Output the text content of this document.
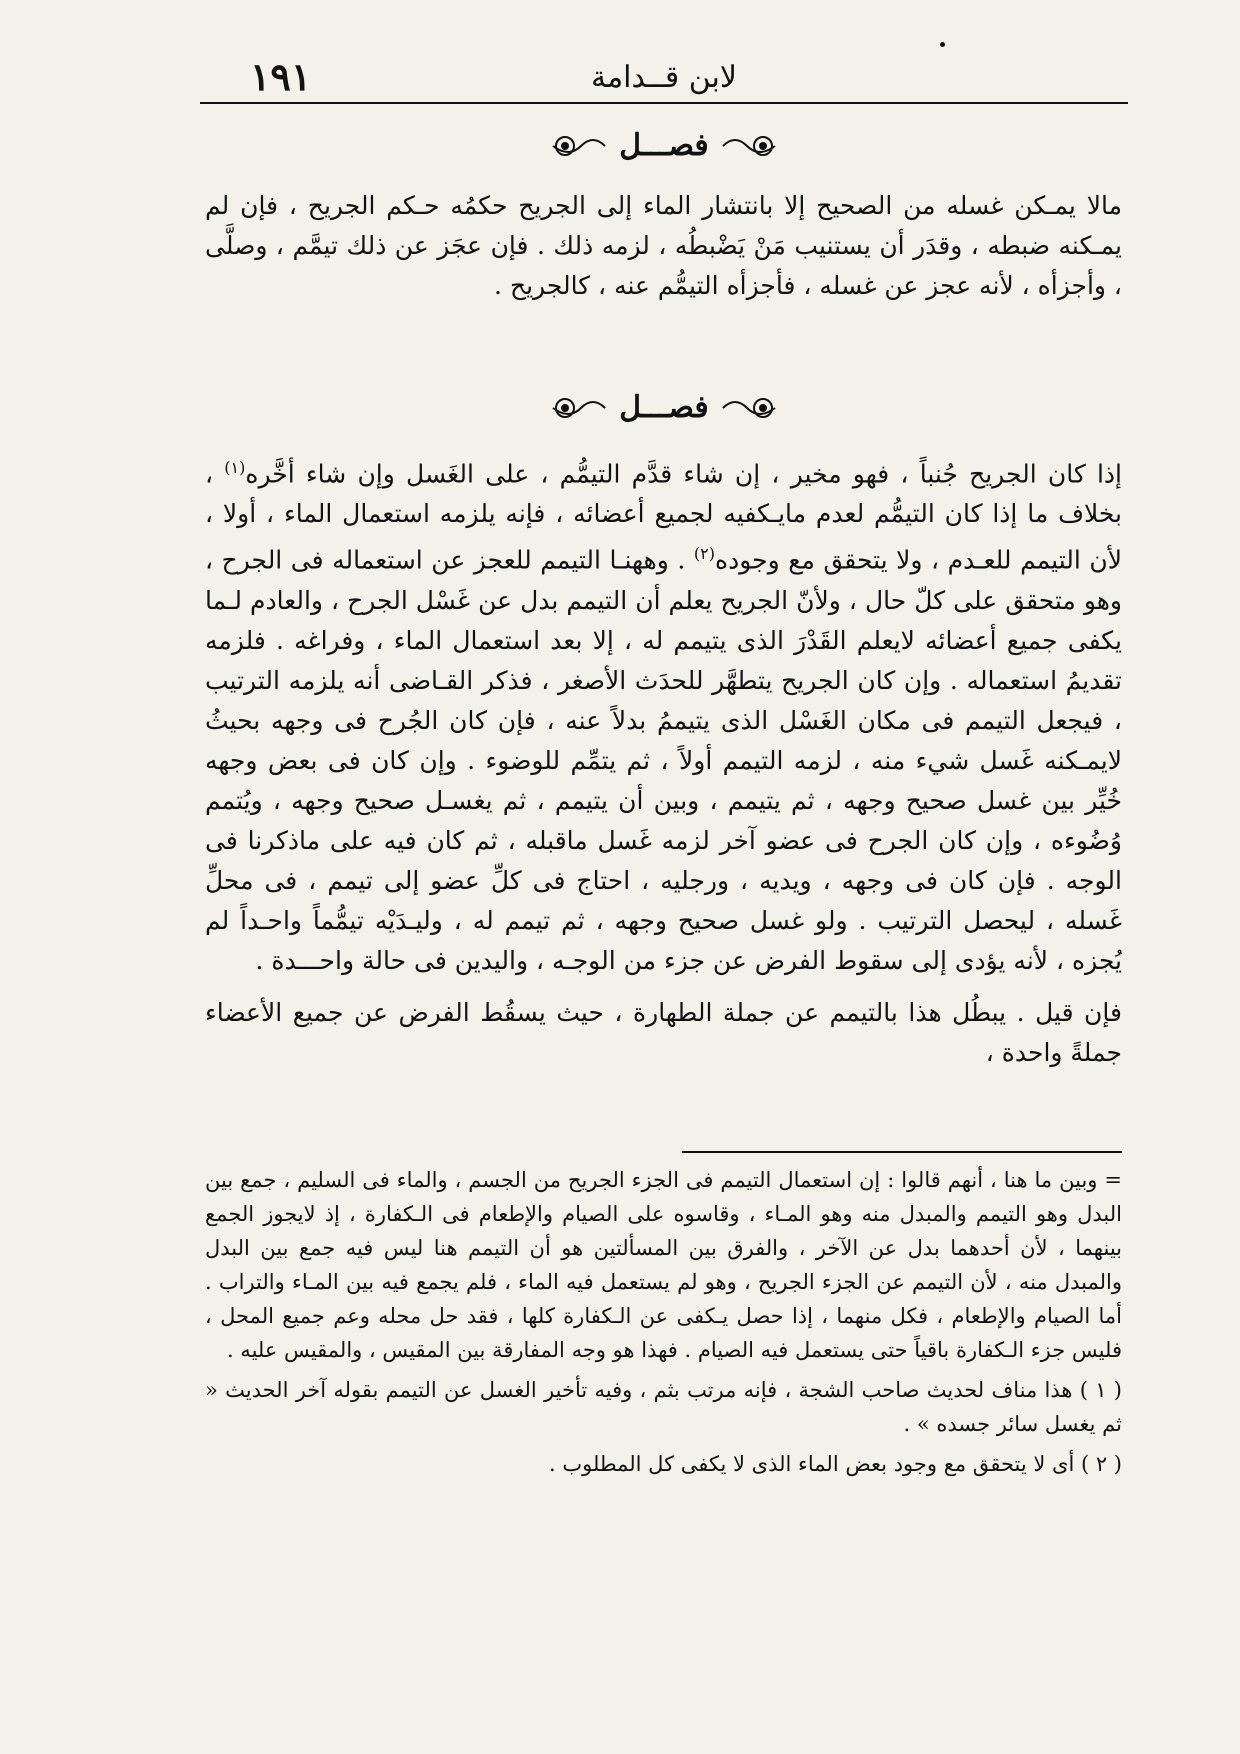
١٩١	لابن قــدامة
فصـــل

مالا يمـكن غسله من الصحيح إلا بانتشار الماء إلى الجريح حكمُه حـكم الجريح ، فإن لم يمـكنه ضبطه ، وقدَر أن يستنيب مَنْ يَضْبطُه ، لزمه ذلك . فإن عجَز عن ذلك تيمَّم ، وصلَّى ، وأجزأه ، لأنه عجز عن غسله ، فأجزأه التيمُّم عنه ، كالجريح .

فصـــل

إذا كان الجريح جُنباً ، فهو مخير ، إن شاء قدَّم التيمُّم ، على الغَسل وإن شاء أخَّره$^{(١)}$ ، بخلاف ما إذا كان التيمُّم لعدم مايـكفيه لجميع أعضائه ، فإنه يلزمه استعمال الماء ، أولا ، لأن التيمم للعـدم ، ولا يتحقق مع وجوده$^{(٢)}$ . وههنـا التيمم للعجز عن استعماله فى الجرح ، وهو متحقق على كلّ حال ، ولأنّ الجريح يعلم أن التيمم بدل عن غَسْل الجرح ، والعادم لـما يكفى جميع أعضائه لايعلم القَدْرَ الذى يتيمم له ، إلا بعد استعمال الماء ، وفراغه . فلزمه تقديمُ استعماله . وإن كان الجريح يتطهَّر للحدَث الأصغر ، فذكر القـاضى أنه يلزمه الترتيب ، فيجعل التيمم فى مكان الغَسْل الذى يتيممُ بدلاً عنه ، فإن كان الجُرح فى وجهه بحيثُ لايمـكنه غَسل شيء منه ، لزمه التيمم أولاً ، ثم يتمِّم للوضوء . وإن كان فى بعض وجهه خُيِّر بين غسل صحيح وجهه ، ثم يتيمم ، وبين أن يتيمم ، ثم يغسـل صحيح وجهه ، ويُتمم وُضُوءه ، وإن كان الجرح فى عضو آخر لزمه غَسل ماقبله ، ثم كان فيه على ماذكرنا فى الوجه . فإن كان فى وجهه ، ويديه ، ورجليه ، احتاج فى كلِّ عضو إلى تيمم ، فى محلِّ غَسله ، ليحصل الترتيب . ولو غسل صحيح وجهه ، ثم تيمم له ، وليـدَيْه تيمُّماً واحـداً لم يُجزه ، لأنه يؤدى إلى سقوط الفرض عن جزء من الوجـه ، واليدين فى حالة واحـــدة .

فإن قيل . يبطُل هذا بالتيمم عن جملة الطهارة ، حيث يسقُط الفرض عن جميع الأعضاء جملةً واحدة ،

= وبين ما هنا ، أنهم قالوا : إن استعمال التيمم فى الجزء الجريح من الجسم ، والماء فى السليم ، جمع بين البدل وهو التيمم والمبدل منه وهو المـاء ، وقاسوه على الصيام والإطعام فى الـكفارة ، إذ لايجوز الجمع بينهما ، لأن أحدهما بدل عن الآخر ، والفرق بين المسألتين هو أن التيمم هنا ليس فيه جمع بين البدل والمبدل منه ، لأن التيمم عن الجزء الجريح ، وهو لم يستعمل فيه الماء ، فلم يجمع فيه بين المـاء والتراب . أما الصيام والإطعام ، فكل منهما ، إذا حصل يـكفى عن الـكفارة كلها ، فقد حل محله وعم جميع المحل ، فليس جزء الـكفارة باقياً حتى يستعمل فيه الصيام . فهذا هو وجه المفارقة بين المقيس ، والمقيس عليه .

( ١ ) هذا مناف لحديث صاحب الشجة ، فإنه مرتب بثم ، وفيه تأخير الغسل عن التيمم بقوله آخر الحديث « ثم يغسل سائر جسده » .

( ٢ ) أى لا يتحقق مع وجود بعض الماء الذى لا يكفى كل المطلوب .
